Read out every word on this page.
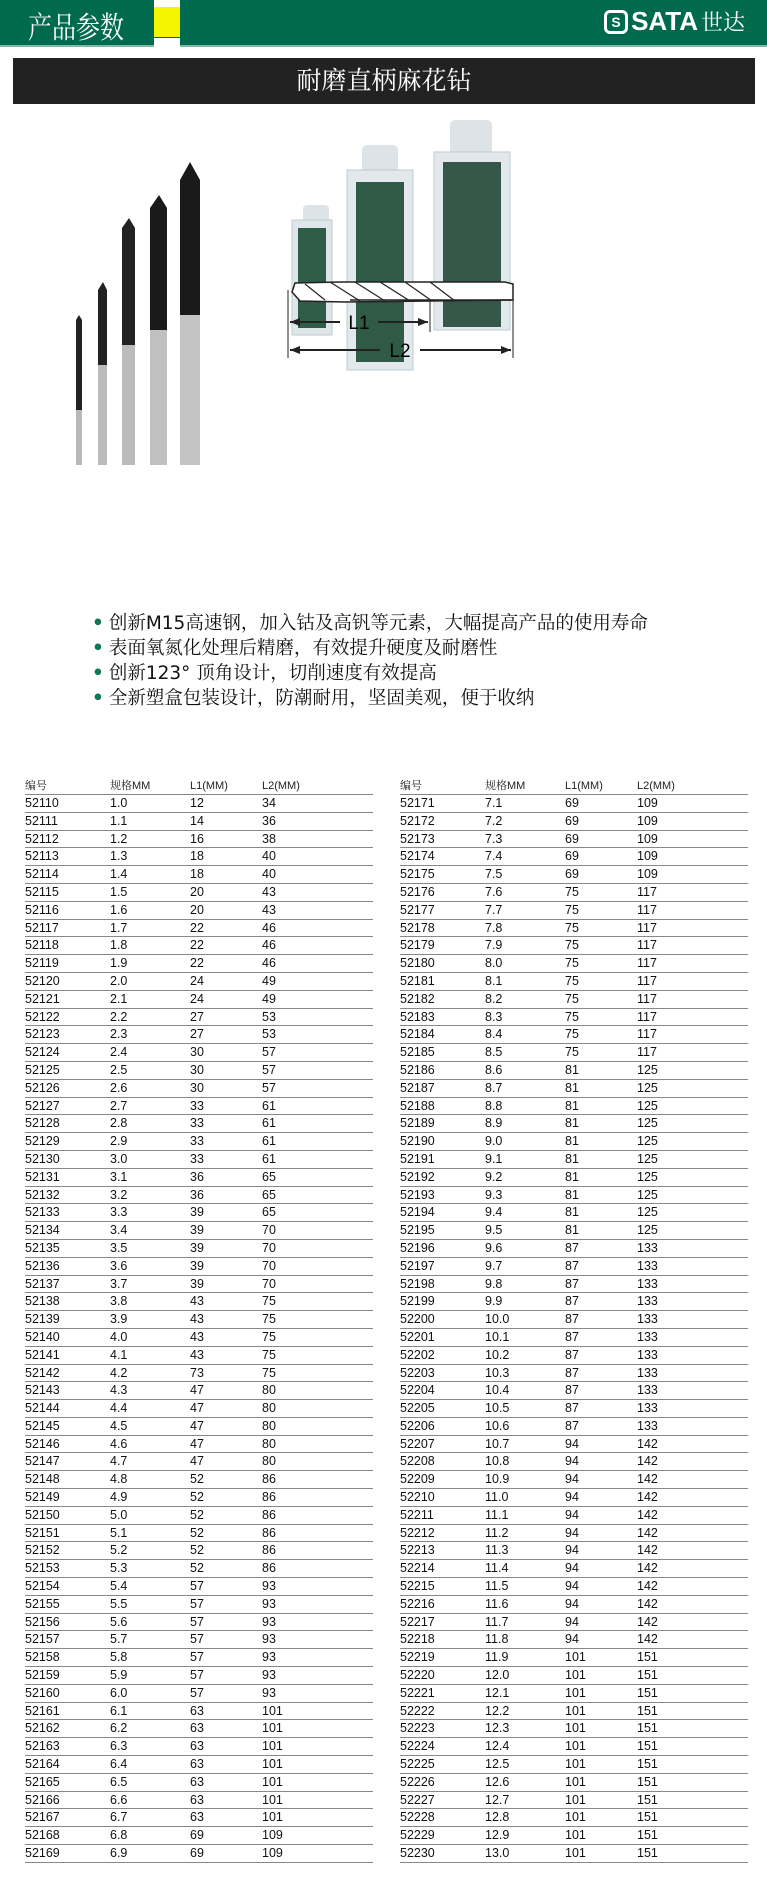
产品参数	S SATA 世达
耐磨直柄麻花钻
L1
L2
• 创新M15高速钢，加入钴及高钒等元素，大幅提高产品的使用寿命
• 表面氧氮化处理后精磨，有效提升硬度及耐磨性
• 创新123° 顶角设计，切削速度有效提高
• 全新塑盒包装设计，防潮耐用，坚固美观，便于收纳
编号	规格MM	L1(MM)	L2(MM)
52110	1.0	12	34
52111	1.1	14	36
52112	1.2	16	38
52113	1.3	18	40
52114	1.4	18	40
52115	1.5	20	43
52116	1.6	20	43
52117	1.7	22	46
52118	1.8	22	46
52119	1.9	22	46
52120	2.0	24	49
52121	2.1	24	49
52122	2.2	27	53
52123	2.3	27	53
52124	2.4	30	57
52125	2.5	30	57
52126	2.6	30	57
52127	2.7	33	61
52128	2.8	33	61
52129	2.9	33	61
52130	3.0	33	61
52131	3.1	36	65
52132	3.2	36	65
52133	3.3	39	65
52134	3.4	39	70
52135	3.5	39	70
52136	3.6	39	70
52137	3.7	39	70
52138	3.8	43	75
52139	3.9	43	75
52140	4.0	43	75
52141	4.1	43	75
52142	4.2	73	75
52143	4.3	47	80
52144	4.4	47	80
52145	4.5	47	80
52146	4.6	47	80
52147	4.7	47	80
52148	4.8	52	86
52149	4.9	52	86
52150	5.0	52	86
52151	5.1	52	86
52152	5.2	52	86
52153	5.3	52	86
52154	5.4	57	93
52155	5.5	57	93
52156	5.6	57	93
52157	5.7	57	93
52158	5.8	57	93
52159	5.9	57	93
52160	6.0	57	93
52161	6.1	63	101
52162	6.2	63	101
52163	6.3	63	101
52164	6.4	63	101
52165	6.5	63	101
52166	6.6	63	101
52167	6.7	63	101
52168	6.8	69	109
52169	6.9	69	109
编号	规格MM	L1(MM)	L2(MM)
52171	7.1	69	109
52172	7.2	69	109
52173	7.3	69	109
52174	7.4	69	109
52175	7.5	69	109
52176	7.6	75	117
52177	7.7	75	117
52178	7.8	75	117
52179	7.9	75	117
52180	8.0	75	117
52181	8.1	75	117
52182	8.2	75	117
52183	8.3	75	117
52184	8.4	75	117
52185	8.5	75	117
52186	8.6	81	125
52187	8.7	81	125
52188	8.8	81	125
52189	8.9	81	125
52190	9.0	81	125
52191	9.1	81	125
52192	9.2	81	125
52193	9.3	81	125
52194	9.4	81	125
52195	9.5	81	125
52196	9.6	87	133
52197	9.7	87	133
52198	9.8	87	133
52199	9.9	87	133
52200	10.0	87	133
52201	10.1	87	133
52202	10.2	87	133
52203	10.3	87	133
52204	10.4	87	133
52205	10.5	87	133
52206	10.6	87	133
52207	10.7	94	142
52208	10.8	94	142
52209	10.9	94	142
52210	11.0	94	142
52211	11.1	94	142
52212	11.2	94	142
52213	11.3	94	142
52214	11.4	94	142
52215	11.5	94	142
52216	11.6	94	142
52217	11.7	94	142
52218	11.8	94	142
52219	11.9	101	151
52220	12.0	101	151
52221	12.1	101	151
52222	12.2	101	151
52223	12.3	101	151
52224	12.4	101	151
52225	12.5	101	151
52226	12.6	101	151
52227	12.7	101	151
52228	12.8	101	151
52229	12.9	101	151
52230	13.0	101	151
